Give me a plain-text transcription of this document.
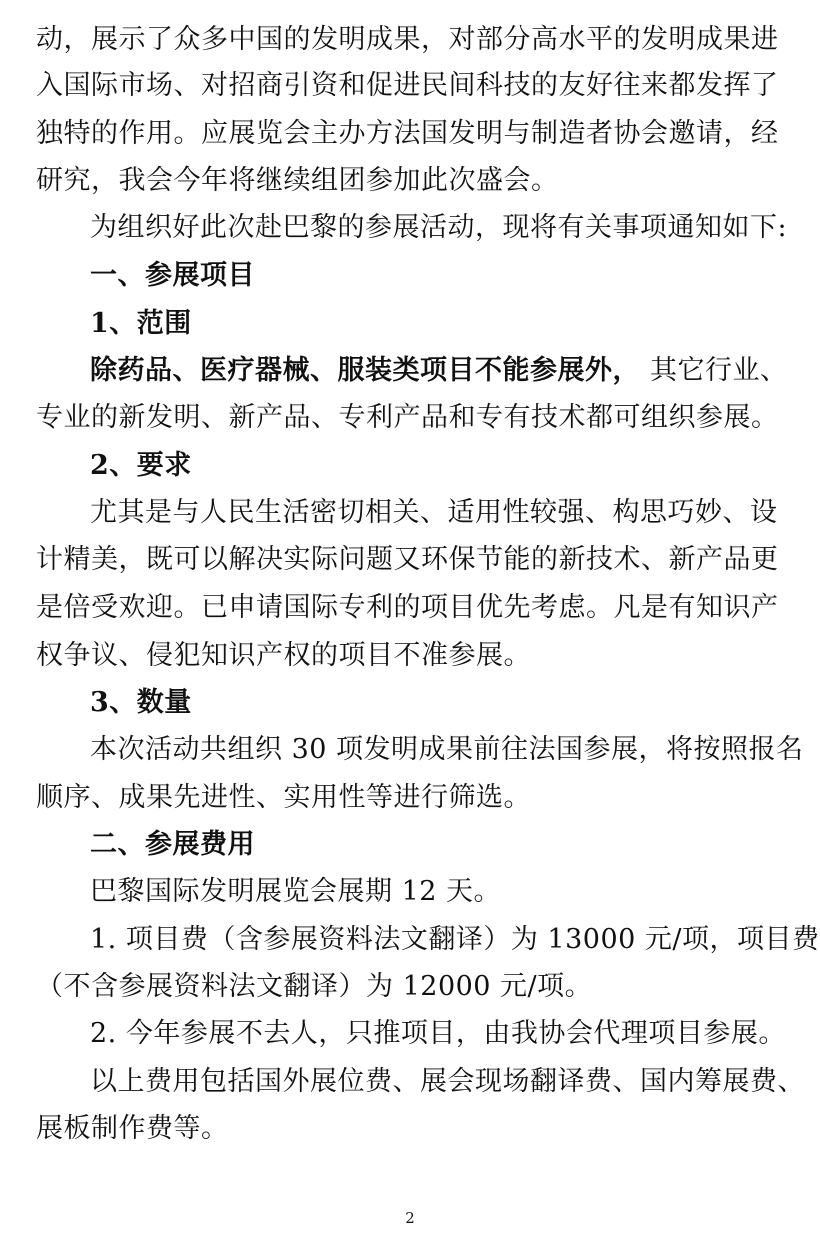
动，展示了众多中国的发明成果，对部分高水平的发明成果进
入国际市场、对招商引资和促进民间科技的友好往来都发挥了
独特的作用。应展览会主办方法国发明与制造者协会邀请，经
研究，我会今年将继续组团参加此次盛会。
为组织好此次赴巴黎的参展活动，现将有关事项通知如下:
一、参展项目
1、范围
除药品、医疗器械、服装类项目不能参展外， 其它行业、
专业的新发明、新产品、专利产品和专有技术都可组织参展。
2、要求
尤其是与人民生活密切相关、适用性较强、构思巧妙、设
计精美，既可以解决实际问题又环保节能的新技术、新产品更
是倍受欢迎。已申请国际专利的项目优先考虑。凡是有知识产
权争议、侵犯知识产权的项目不准参展。
3、数量
本次活动共组织 30 项发明成果前往法国参展，将按照报名
顺序、成果先进性、实用性等进行筛选。
二、参展费用
巴黎国际发明展览会展期 12 天。
1. 项目费（含参展资料法文翻译）为 13000 元/项，项目费
（不含参展资料法文翻译）为 12000 元/项。
2. 今年参展不去人，只推项目，由我协会代理项目参展。
以上费用包括国外展位费、展会现场翻译费、国内筹展费、
展板制作费等。
2
